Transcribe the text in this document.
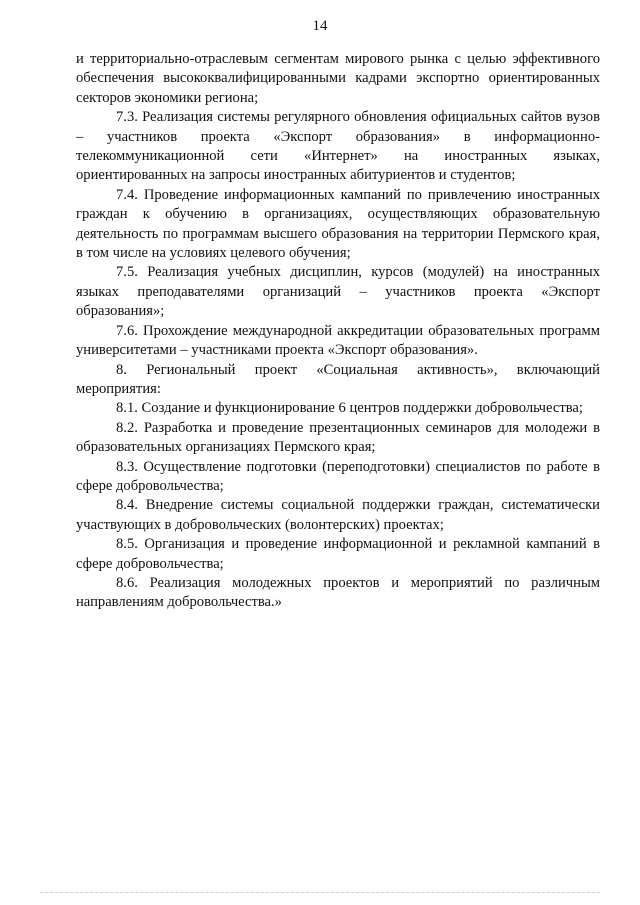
14

и территориально-отраслевым сегментам мирового рынка с целью эффективного обеспечения высококвалифицированными кадрами экспортно ориентированных секторов экономики региона;

7.3. Реализация системы регулярного обновления официальных сайтов вузов – участников проекта «Экспорт образования» в информационно-телекоммуникационной сети «Интернет» на иностранных языках, ориентированных на запросы иностранных абитуриентов и студентов;

7.4. Проведение информационных кампаний по привлечению иностранных граждан к обучению в организациях, осуществляющих образовательную деятельность по программам высшего образования на территории Пермского края, в том числе на условиях целевого обучения;

7.5. Реализация учебных дисциплин, курсов (модулей) на иностранных языках преподавателями организаций – участников проекта «Экспорт образования»;

7.6. Прохождение международной аккредитации образовательных программ университетами – участниками проекта «Экспорт образования».

8. Региональный проект «Социальная активность», включающий мероприятия:

8.1. Создание и функционирование 6 центров поддержки добровольчества;

8.2. Разработка и проведение презентационных семинаров для молодежи в образовательных организациях Пермского края;

8.3. Осуществление подготовки (переподготовки) специалистов по работе в сфере добровольчества;

8.4. Внедрение системы социальной поддержки граждан, систематически участвующих в добровольческих (волонтерских) проектах;

8.5. Организация и проведение информационной и рекламной кампаний в сфере добровольчества;

8.6. Реализация молодежных проектов и мероприятий по различным направлениям добровольчества.»
